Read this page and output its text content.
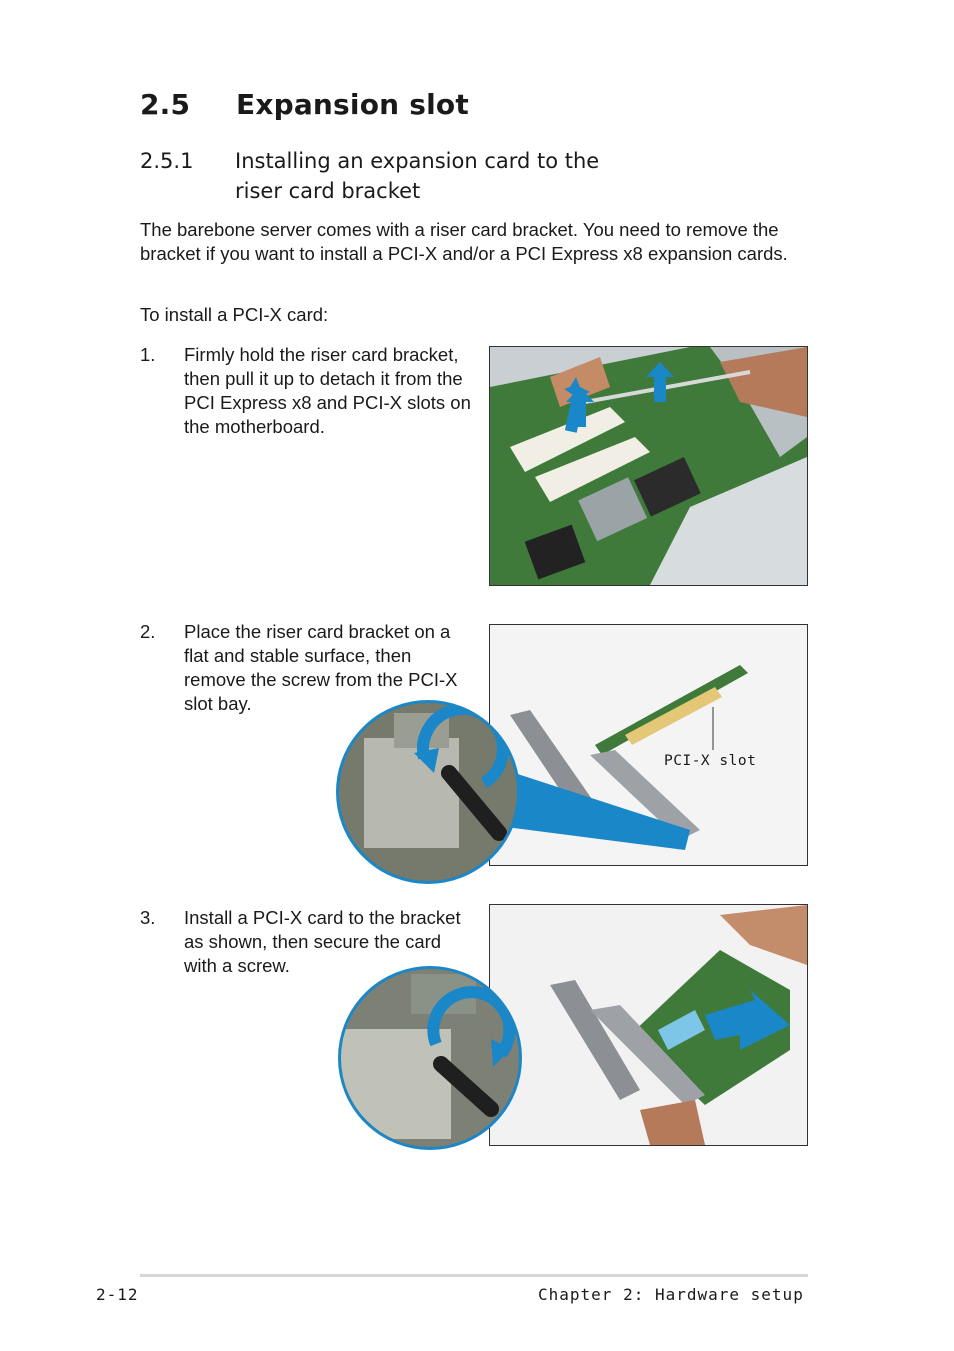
2.5 Expansion slot
2.5.1 Installing an expansion card to the
riser card bracket

The barebone server comes with a riser card bracket. You need to remove the bracket if you want to install a PCI-X and/or a PCI Express x8 expansion cards.

To install a PCI-X card:

1. Firmly hold the riser card bracket, then pull it up to detach it from the PCI Express x8 and PCI-X slots on the motherboard.
2. Place the riser card bracket on a flat and stable surface, then remove the screw from the PCI-X slot bay.
3. Install a PCI-X card to the bracket as shown, then secure the card with a screw.
PCI-X slot
2-12	Chapter 2: Hardware setup
